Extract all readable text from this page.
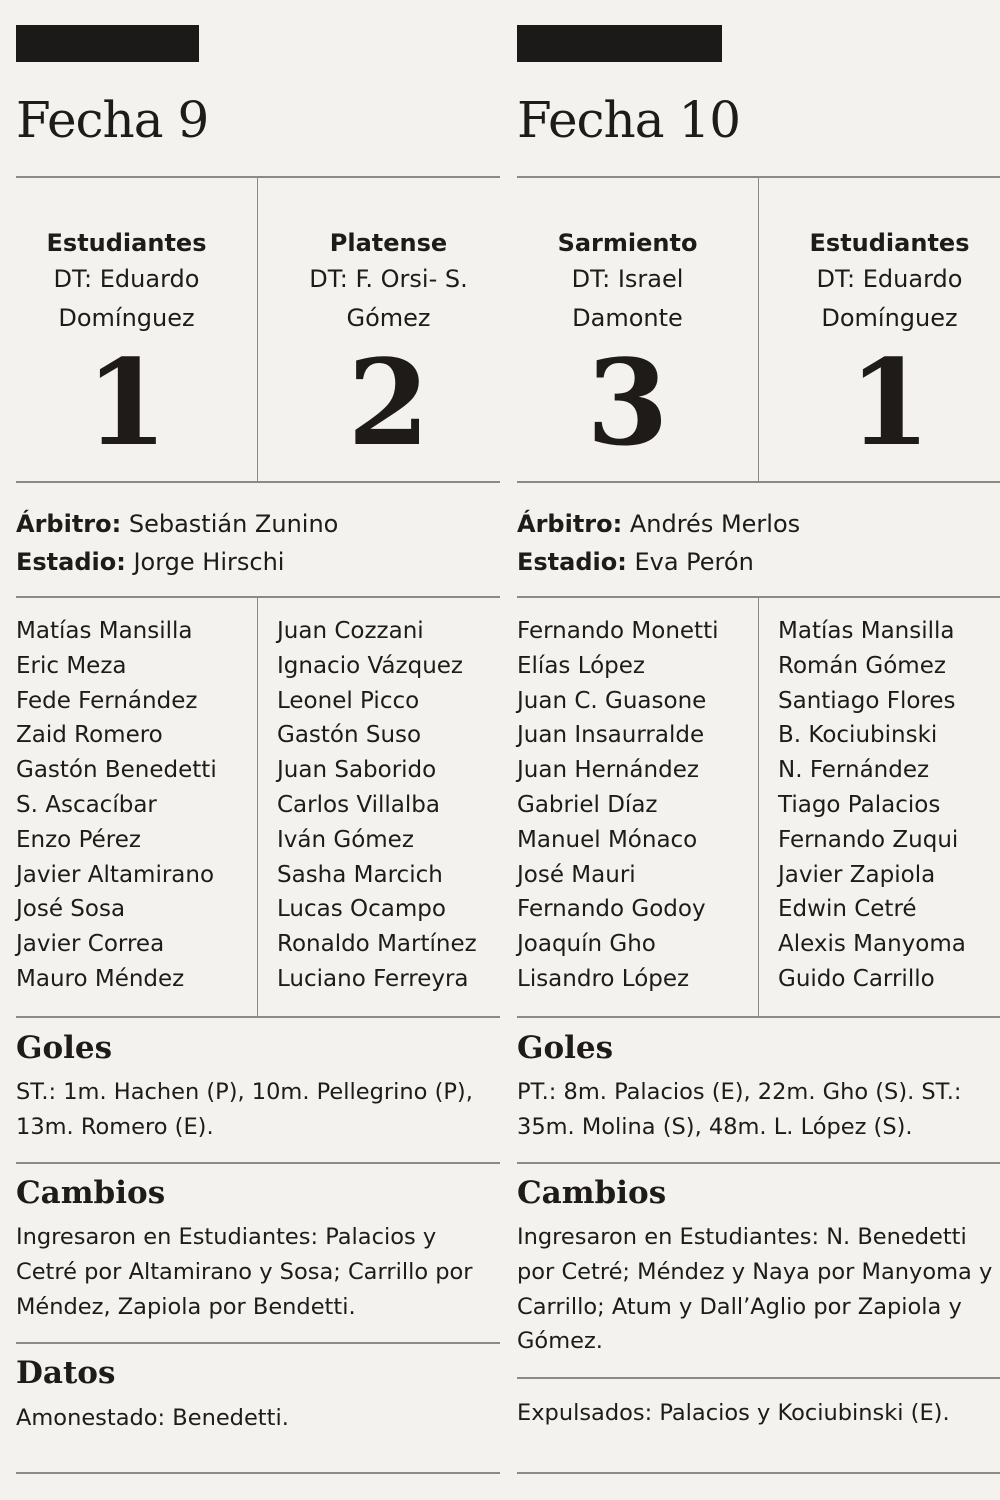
Fecha 9
Estudiantes
DT: Eduardo Domínguez
1
Platense
DT: F. Orsi- S. Gómez
2
Árbitro: Sebastián Zunino
Estadio: Jorge Hirschi
Matías Mansilla
Eric Meza
Fede Fernández
Zaid Romero
Gastón Benedetti
S. Ascacíbar
Enzo Pérez
Javier Altamirano
José Sosa
Javier Correa
Mauro Méndez
Juan Cozzani
Ignacio Vázquez
Leonel Picco
Gastón Suso
Juan Saborido
Carlos Villalba
Iván Gómez
Sasha Marcich
Lucas Ocampo
Ronaldo Martínez
Luciano Ferreyra
Goles
ST.: 1m. Hachen (P), 10m. Pellegrino (P), 13m. Romero (E).
Cambios
Ingresaron en Estudiantes: Palacios y Cetré por Altamirano y Sosa; Carrillo por Méndez, Zapiola por Bendetti.
Datos
Amonestado: Benedetti.
Fecha 10
Sarmiento
DT: Israel Damonte
3
Estudiantes
DT: Eduardo Domínguez
1
Árbitro: Andrés Merlos
Estadio: Eva Perón
Fernando Monetti
Elías López
Juan C. Guasone
Juan Insaurralde
Juan Hernández
Gabriel Díaz
Manuel Mónaco
José Mauri
Fernando Godoy
Joaquín Gho
Lisandro López
Matías Mansilla
Román Gómez
Santiago Flores
B. Kociubinski
N. Fernández
Tiago Palacios
Fernando Zuqui
Javier Zapiola
Edwin Cetré
Alexis Manyoma
Guido Carrillo
Goles
PT.: 8m. Palacios (E), 22m. Gho (S). ST.: 35m. Molina (S), 48m. L. López (S).
Cambios
Ingresaron en Estudiantes: N. Benedetti por Cetré; Méndez y Naya por Manyoma y Carrillo; Atum y Dall’Aglio por Zapiola y Gómez.
Expulsados: Palacios y Kociubinski (E).
